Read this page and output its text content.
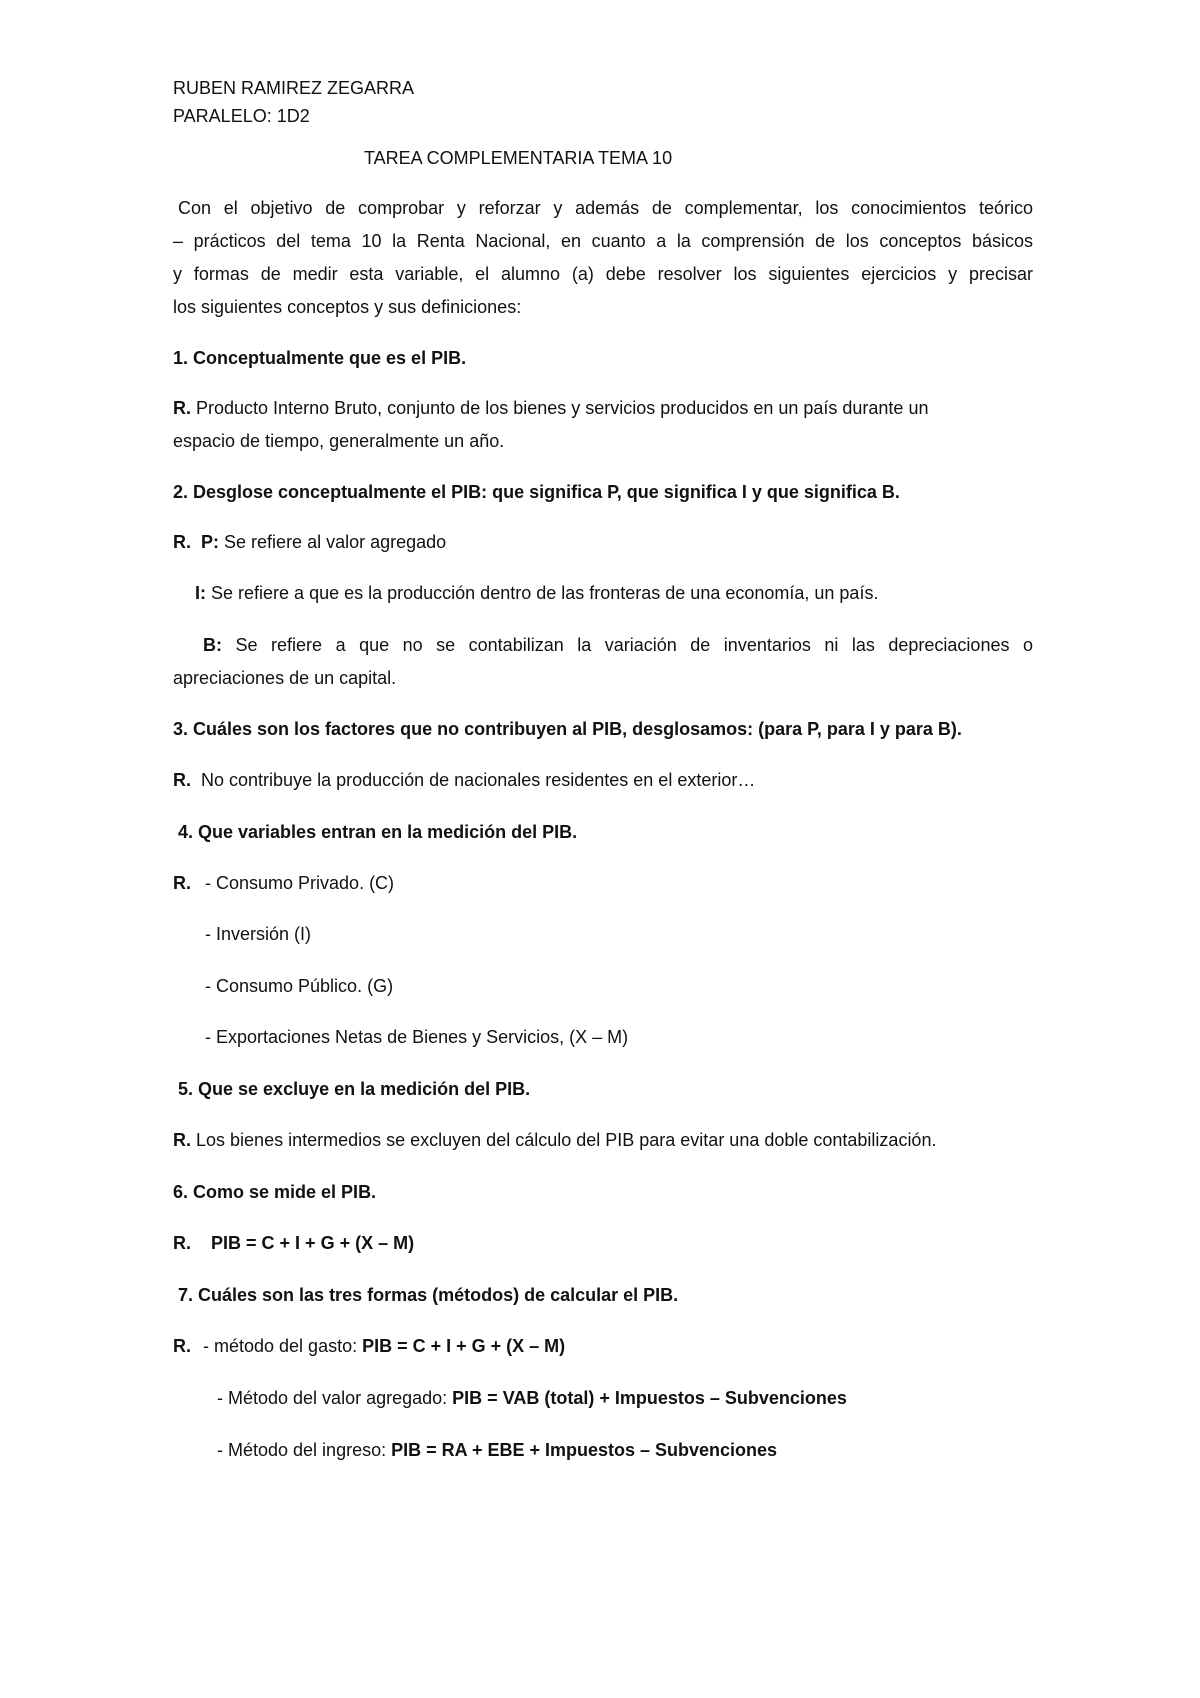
RUBEN RAMIREZ ZEGARRA
PARALELO: 1D2
TAREA COMPLEMENTARIA TEMA 10
Con el objetivo de comprobar y reforzar y además de complementar, los conocimientos teórico
– prácticos del tema 10 la Renta Nacional, en cuanto a la comprensión de los conceptos básicos
y formas de medir esta variable, el alumno (a) debe resolver los siguientes ejercicios y precisar
los siguientes conceptos y sus definiciones:
1. Conceptualmente que es el PIB.
R. Producto Interno Bruto, conjunto de los bienes y servicios producidos en un país durante un
espacio de tiempo, generalmente un año.
2. Desglose conceptualmente el PIB: que significa P, que significa I y que significa B.
R. P: Se refiere al valor agregado
I: Se refiere a que es la producción dentro de las fronteras de una economía, un país.
B: Se refiere a que no se contabilizan la variación de inventarios ni las depreciaciones o
apreciaciones de un capital.
3. Cuáles son los factores que no contribuyen al PIB, desglosamos: (para P, para I y para B).
R. No contribuye la producción de nacionales residentes en el exterior…
4. Que variables entran en la medición del PIB.
R. - Consumo Privado. (C)
- Inversión (I)
- Consumo Público. (G)
- Exportaciones Netas de Bienes y Servicios, (X – M)
5. Que se excluye en la medición del PIB.
R. Los bienes intermedios se excluyen del cálculo del PIB para evitar una doble contabilización.
6. Como se mide el PIB.
R. PIB = C + I + G + (X – M)
7. Cuáles son las tres formas (métodos) de calcular el PIB.
R. - método del gasto: PIB = C + I + G + (X – M)
- Método del valor agregado: PIB = VAB (total) + Impuestos – Subvenciones
- Método del ingreso: PIB = RA + EBE + Impuestos – Subvenciones
